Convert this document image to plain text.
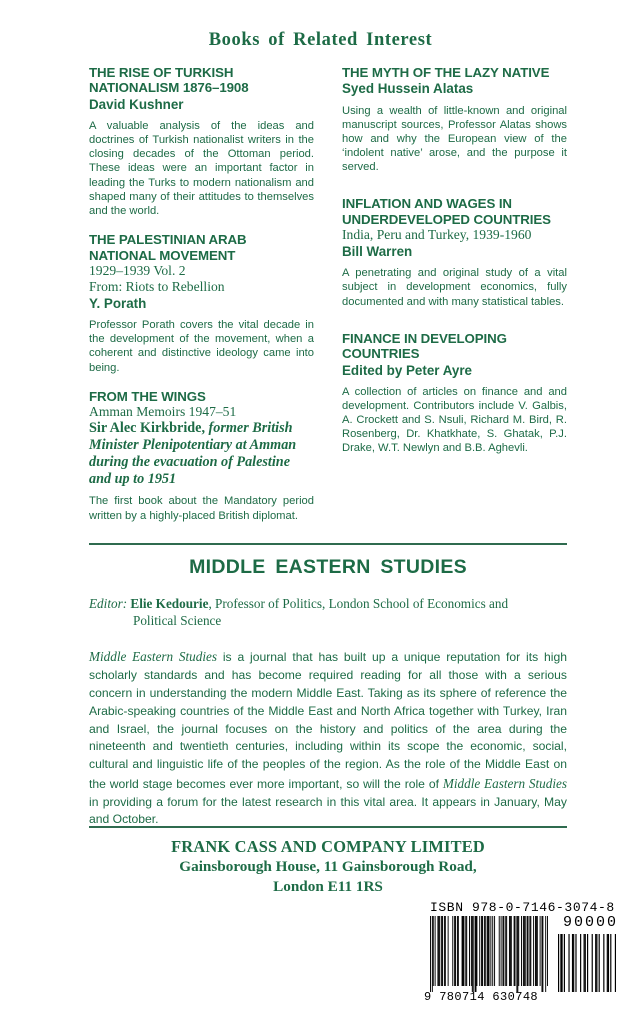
Books of Related Interest
THE RISE OF TURKISH NATIONALISM 1876–1908
David Kushner
A valuable analysis of the ideas and doctrines of Turkish nationalist writers in the closing decades of the Ottoman period. These ideas were an important factor in leading the Turks to modern nationalism and shaped many of their attitudes to themselves and the world.
THE PALESTINIAN ARAB NATIONAL MOVEMENT
1929–1939 Vol. 2
From: Riots to Rebellion
Y. Porath
Professor Porath covers the vital decade in the development of the movement, when a coherent and distinctive ideology came into being.
FROM THE WINGS
Amman Memoirs 1947–51
Sir Alec Kirkbride, former British Minister Plenipotentiary at Amman during the evacuation of Palestine and up to 1951
The first book about the Mandatory period written by a highly-placed British diplomat.
THE MYTH OF THE LAZY NATIVE
Syed Hussein Alatas
Using a wealth of little-known and original manuscript sources, Professor Alatas shows how and why the European view of the ‘indolent native’ arose, and the purpose it served.
INFLATION AND WAGES IN UNDERDEVELOPED COUNTRIES
India, Peru and Turkey, 1939-1960
Bill Warren
A penetrating and original study of a vital subject in development economics, fully documented and with many statistical tables.
FINANCE IN DEVELOPING COUNTRIES
Edited by Peter Ayre
A collection of articles on finance and and development. Contributors include V. Galbis, A. Crockett and S. Nsuli, Richard M. Bird, R. Rosenberg, Dr. Khatkhate, S. Ghatak, P.J. Drake, W.T. Newlyn and B.B. Aghevli.
MIDDLE EASTERN STUDIES
Editor: Elie Kedourie, Professor of Politics, London School of Economics and
Political Science
Middle Eastern Studies is a journal that has built up a unique reputation for its high scholarly standards and has become required reading for all those with a serious concern in understanding the modern Middle East. Taking as its sphere of reference the Arabic-speaking countries of the Middle East and North Africa together with Turkey, Iran and Israel, the journal focuses on the history and politics of the area during the nineteenth and twentieth centuries, including within its scope the economic, social, cultural and linguistic life of the peoples of the region. As the role of the Middle East on the world stage becomes ever more important, so will the role of Middle Eastern Studies in providing a forum for the latest research in this vital area. It appears in January, May and October.
FRANK CASS AND COMPANY LIMITED
Gainsborough House, 11 Gainsborough Road,
London E11 1RS
ISBN 978-0-7146-3074-8
90000
9 780714 630748
